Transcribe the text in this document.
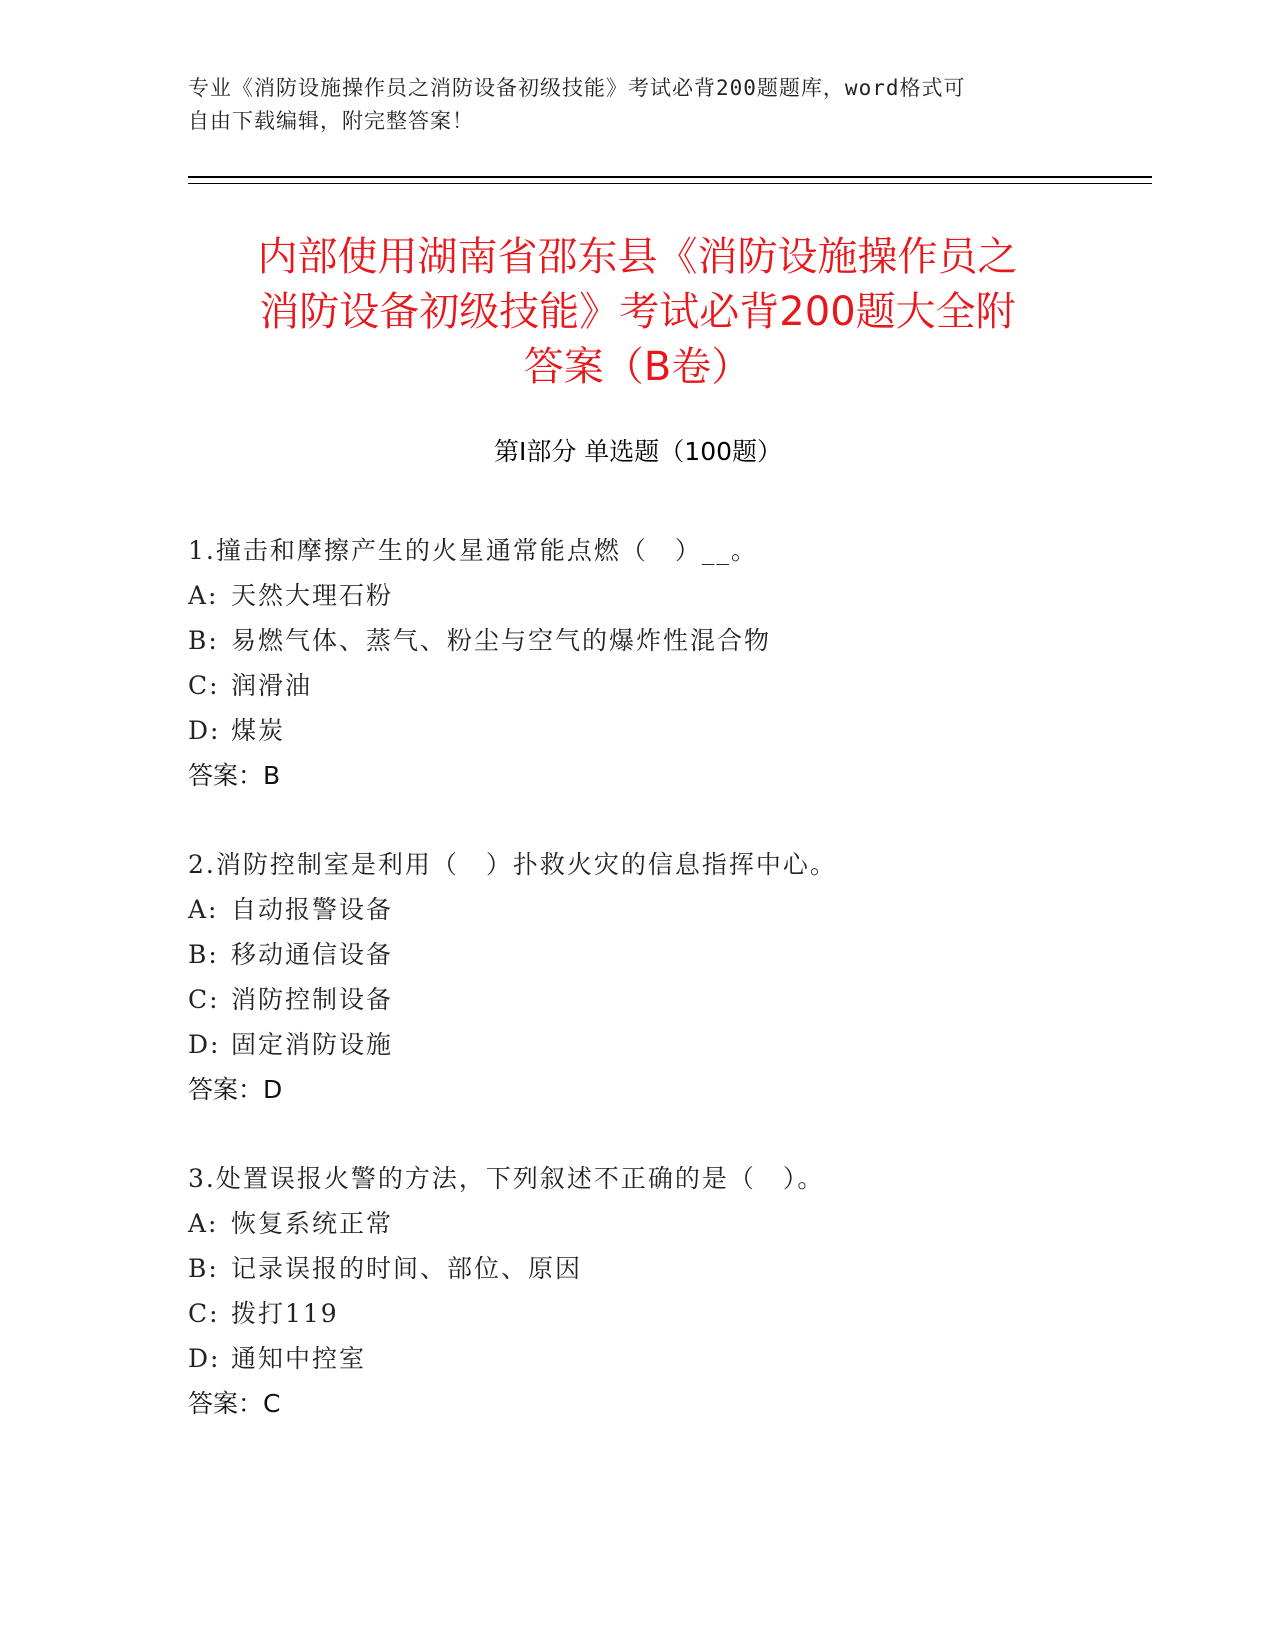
专业《消防设施操作员之消防设备初级技能》考试必背200题题库，word格式可
自由下载编辑，附完整答案！
内部使用湖南省邵东县《消防设施操作员之
消防设备初级技能》考试必背200题大全附
答案（B卷）
第Ⅰ部分 单选题（100题）
1.撞击和摩擦产生的火星通常能点燃（　）__。
A: 天然大理石粉
B: 易燃气体、蒸气、粉尘与空气的爆炸性混合物
C: 润滑油
D: 煤炭
答案：B
2.消防控制室是利用（　）扑救火灾的信息指挥中心。
A: 自动报警设备
B: 移动通信设备
C: 消防控制设备
D: 固定消防设施
答案：D
3.处置误报火警的方法，下列叙述不正确的是（　）。
A: 恢复系统正常
B: 记录误报的时间、部位、原因
C: 拨打119
D: 通知中控室
答案：C
